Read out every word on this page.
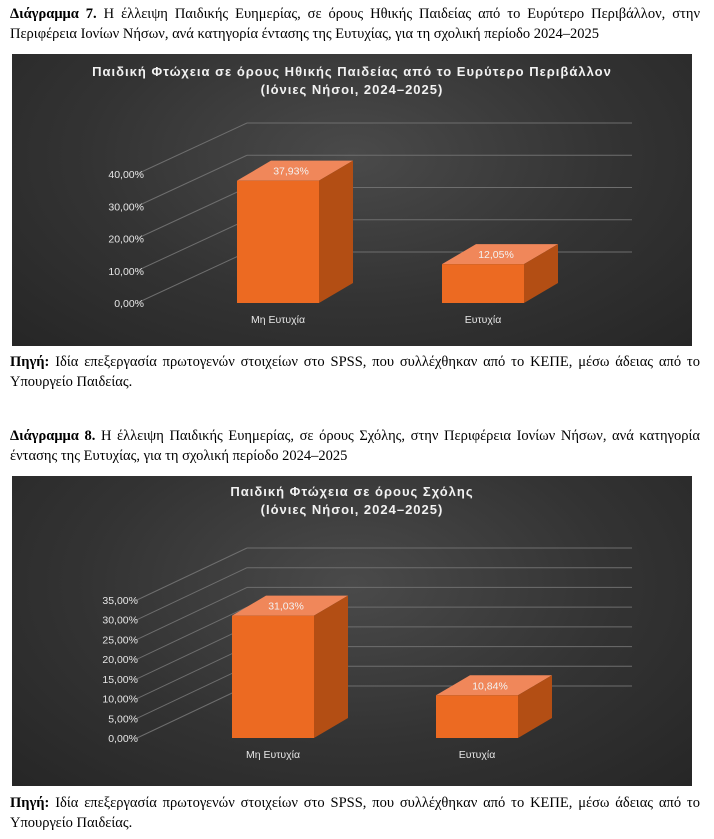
Διάγραμμα 7. Η έλλειψη Παιδικής Ευημερίας, σε όρους Ηθικής Παιδείας από το Ευρύτερο Περιβάλλον, στην Περιφέρεια Ιονίων Νήσων, ανά κατηγορία έντασης της Ευτυχίας, για τη σχολική περίοδο 2024–2025
Παιδική Φτώχεια σε όρους Ηθικής Παιδείας από το Ευρύτερο Περιβάλλον
(Ιόνιες Νήσοι, 2024–2025)
0,00%
10,00%
20,00%
30,00%
40,00%	37,93%
Μη Ευτυχία
12,05%
Ευτυχία
Πηγή: Ιδία επεξεργασία πρωτογενών στοιχείων στο SPSS, που συλλέχθηκαν από το ΚΕΠΕ, μέσω άδειας από το Υπουργείο Παιδείας.
Διάγραμμα 8. Η έλλειψη Παιδικής Ευημερίας, σε όρους Σχόλης, στην Περιφέρεια Ιονίων Νήσων, ανά κατηγορία έντασης της Ευτυχίας, για τη σχολική περίοδο 2024–2025
Παιδική Φτώχεια σε όρους Σχόλης
(Ιόνιες Νήσοι, 2024–2025)
0,00%
5,00%
10,00%
15,00%
20,00%
25,00%
30,00%
35,00%	31,03%
Μη Ευτυχία
10,84%
Ευτυχία
Πηγή: Ιδία επεξεργασία πρωτογενών στοιχείων στο SPSS, που συλλέχθηκαν από το ΚΕΠΕ, μέσω άδειας από το Υπουργείο Παιδείας.
